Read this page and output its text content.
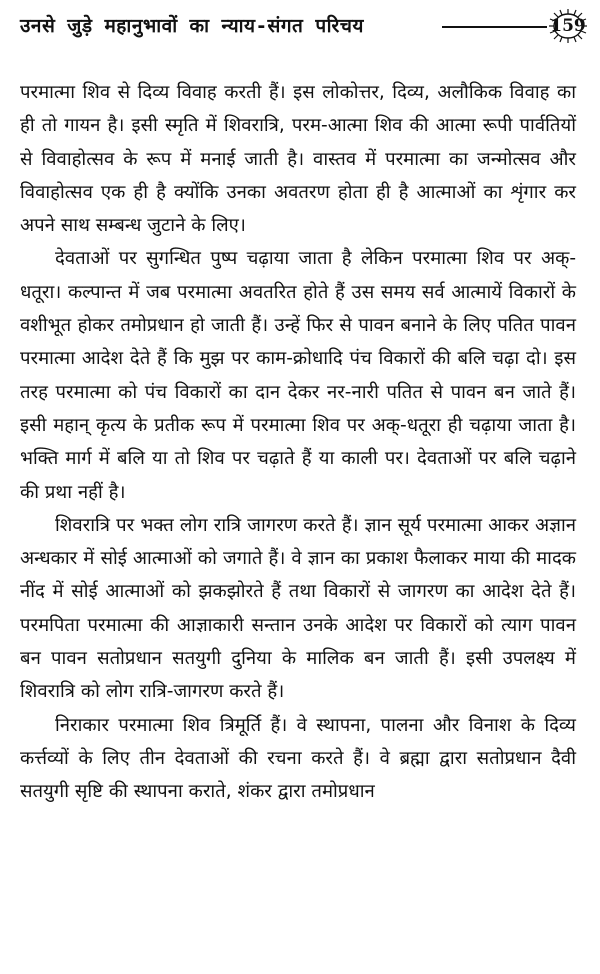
उनसे जुड़े महानुभावों का न्याय-संगत परिचय	159

परमात्मा शिव से दिव्य विवाह करती हैं। इस लोकोत्तर, दिव्य, अलौकिक विवाह का ही तो गायन है। इसी स्मृति में शिवरात्रि, परम-आत्मा शिव की आत्मा रूपी पार्वतियों से विवाहोत्सव के रूप में मनाई जाती है। वास्तव में परमात्मा का जन्मोत्सव और विवाहोत्सव एक ही है क्योंकि उनका अवतरण होता ही है आत्माओं का शृंगार कर अपने साथ सम्बन्ध जुटाने के लिए।

देवताओं पर सुगन्धित पुष्प चढ़ाया जाता है लेकिन परमात्मा शिव पर अक्-धतूरा। कल्पान्त में जब परमात्मा अवतरित होते हैं उस समय सर्व आत्मायें विकारों के वशीभूत होकर तमोप्रधान हो जाती हैं। उन्हें फिर से पावन बनाने के लिए पतित पावन परमात्मा आदेश देते हैं कि मुझ पर काम-क्रोधादि पंच विकारों की बलि चढ़ा दो। इस तरह परमात्मा को पंच विकारों का दान देकर नर-नारी पतित से पावन बन जाते हैं। इसी महान् कृत्य के प्रतीक रूप में परमात्मा शिव पर अक्-धतूरा ही चढ़ाया जाता है। भक्ति मार्ग में बलि या तो शिव पर चढ़ाते हैं या काली पर। देवताओं पर बलि चढ़ाने की प्रथा नहीं है।

शिवरात्रि पर भक्त लोग रात्रि जागरण करते हैं। ज्ञान सूर्य परमात्मा आकर अज्ञान अन्धकार में सोई आत्माओं को जगाते हैं। वे ज्ञान का प्रकाश फैलाकर माया की मादक नींद में सोई आत्माओं को झकझोरते हैं तथा विकारों से जागरण का आदेश देते हैं। परमपिता परमात्मा की आज्ञाकारी सन्तान उनके आदेश पर विकारों को त्याग पावन बन पावन सतोप्रधान सतयुगी दुनिया के मालिक बन जाती हैं। इसी उपलक्ष्य में शिवरात्रि को लोग रात्रि-जागरण करते हैं।

निराकार परमात्मा शिव त्रिमूर्ति हैं। वे स्थापना, पालना और विनाश के दिव्य कर्त्तव्यों के लिए तीन देवताओं की रचना करते हैं। वे ब्रह्मा द्वारा सतोप्रधान दैवी सतयुगी सृष्टि की स्थापना कराते, शंकर द्वारा तमोप्रधान
